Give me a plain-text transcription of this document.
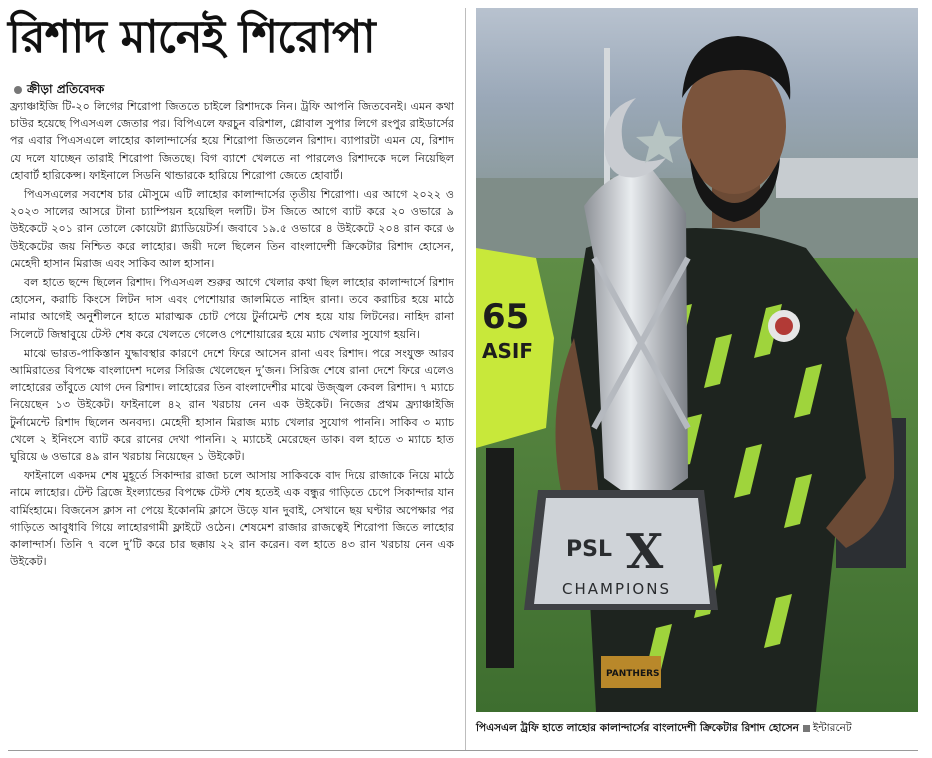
রিশাদ মানেই শিরোপা
ক্রীড়া প্রতিবেদক

ফ্র্যাঞ্চাইজি টি-২০ লিগের শিরোপা জিততে চাইলে রিশাদকে নিন। ট্রফি আপনি জিতবেনই। এমন কথা চাউর হয়েছে পিএসএল জেতার পর। বিপিএলে ফরচুন বরিশাল, গ্লোবাল সুপার লিগে রংপুর রাইডার্সের পর এবার পিএসএলে লাহোর কালান্দার্সের হয়ে শিরোপা জিতলেন রিশাদ। ব্যাপারটা এমন যে, রিশাদ যে দলে যাচ্ছেন তারাই শিরোপা জিতছে। বিগ ব্যাশে খেলতে না পারলেও রিশাদকে দলে নিয়েছিল হোবার্ট হারিকেন্স। ফাইনালে সিডনি থান্ডারকে হারিয়ে শিরোপা জেতে হোবার্ট।

পিএসএলের সবশেষ চার মৌসুমে এটি লাহোর কালান্দার্সের তৃতীয় শিরোপা। এর আগে ২০২২ ও ২০২৩ সালের আসরে টানা চ্যাম্পিয়ন হয়েছিল দলটি। টস জিতে আগে ব্যাট করে ২০ ওভারে ৯ উইকেটে ২০১ রান তোলে কোয়েটা গ্ল্যাডিয়েটর্স। জবাবে ১৯.৫ ওভারে ৪ উইকেটে ২০৪ রান করে ৬ উইকেটের জয় নিশ্চিত করে লাহোর। জয়ী দলে ছিলেন তিন বাংলাদেশী ক্রিকেটার রিশাদ হোসেন, মেহেদী হাসান মিরাজ এবং সাকিব আল হাসান।

বল হাতে ছন্দে ছিলেন রিশাদ। পিএসএল শুরুর আগে খেলার কথা ছিল লাহোর কালান্দার্সে রিশাদ হোসেন, করাচি কিংসে লিটন দাস এবং পেশোয়ার জালমিতে নাহিদ রানা। তবে করাচির হয়ে মাঠে নামার আগেই অনুশীলনে হাতে মারাত্মক চোট পেয়ে টুর্নামেন্ট শেষ হয়ে যায় লিটনের। নাহিদ রানা সিলেটে জিম্বাবুয়ে টেস্ট শেষ করে খেলতে গেলেও পেশোয়ারের হয়ে ম্যাচ খেলার সুযোগ হয়নি।

মাঝে ভারত-পাকিস্তান যুদ্ধাবস্থার কারণে দেশে ফিরে আসেন রানা এবং রিশাদ। পরে সংযুক্ত আরব আমিরাতের বিপক্ষে বাংলাদেশ দলের সিরিজ খেলেছেন দু’জন। সিরিজ শেষে রানা দেশে ফিরে এলেও লাহোরের তাঁবুতে যোগ দেন রিশাদ। লাহোরের তিন বাংলাদেশীর মাঝে উজ্জ্বল কেবল রিশাদ। ৭ ম্যাচে নিয়েছেন ১৩ উইকেট। ফাইনালে ৪২ রান খরচায় নেন এক উইকেট। নিজের প্রথম ফ্র্যাঞ্চাইজি টুর্নামেন্টে রিশাদ ছিলেন অনবদ্য। মেহেদী হাসান মিরাজ ম্যাচ খেলার সুযোগ পাননি। সাকিব ৩ ম্যাচ খেলে ২ ইনিংসে ব্যাট করে রানের দেখা পাননি। ২ ম্যাচেই মেরেছেন ডাক। বল হাতে ৩ ম্যাচে হাত ঘুরিয়ে ৬ ওভারে ৪৯ রান খরচায় নিয়েছেন ১ উইকেট।

ফাইনালে একদম শেষ মুহূর্তে সিকান্দার রাজা চলে আসায় সাকিবকে বাদ দিয়ে রাজাকে নিয়ে মাঠে নামে লাহোর। টেন্ট ব্রিজে ইংল্যান্ডের বিপক্ষে টেস্ট শেষ হতেই এক বন্ধুর গাড়িতে চেপে সিকান্দার যান বার্মিংহামে। বিজনেস ক্লাস না পেয়ে ইকোনমি ক্লাসে উড়ে যান দুবাই, সেখানে ছয় ঘণ্টার অপেক্ষার পর গাড়িতে আবুধাবি গিয়ে লাহোরগামী ফ্লাইটে ওঠেন। শেষমেশ রাজার রাজত্বেই শিরোপা জিতে লাহোর কালান্দার্স। তিনি ৭ বলে দু’টি করে চার ছক্কায় ২২ রান করেন। বল হাতে ৪৩ রান খরচায় নেন এক উইকেট।

65
ASIF
PSL X
CHAMPIONS
PANTHERS
পিএসএল ট্রফি হাতে লাহোর কালান্দার্সের বাংলাদেশী ক্রিকেটার রিশাদ হোসেন ইন্টারনেট
